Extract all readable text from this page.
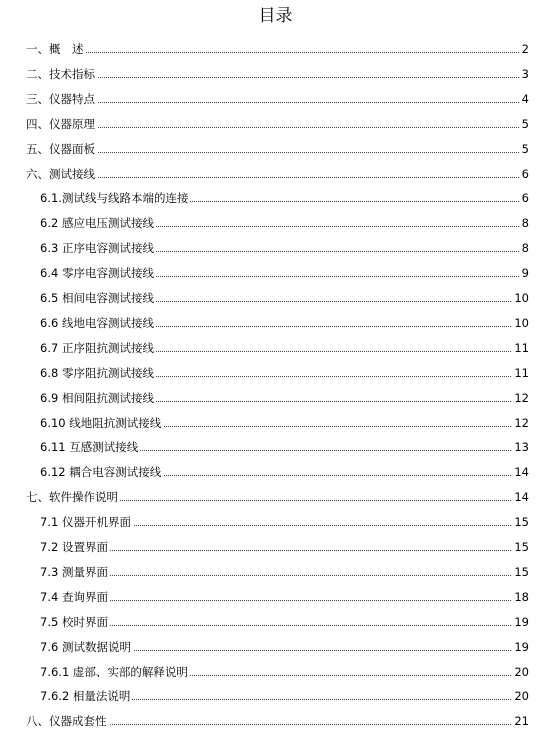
目录
一、概　述	2
二、技术指标	3
三、仪器特点	4
四、仪器原理	5
五、仪器面板	5
六、测试接线	6
6.1.测试线与线路本端的连接	6
6.2 感应电压测试接线	8
6.3 正序电容测试接线	8
6.4 零序电容测试接线	9
6.5 相间电容测试接线	10
6.6 线地电容测试接线	10
6.7 正序阻抗测试接线	11
6.8 零序阻抗测试接线	11
6.9 相间阻抗测试接线	12
6.10 线地阻抗测试接线	12
6.11 互感测试接线	13
6.12 耦合电容测试接线	14
七、软件操作说明	14
7.1 仪器开机界面	15
7.2 设置界面	15
7.3 测量界面	15
7.4 查询界面	18
7.5 校时界面	19
7.6 测试数据说明	19
7.6.1 虚部、实部的解释说明	20
7.6.2 相量法说明	20
八、仪器成套性	21
